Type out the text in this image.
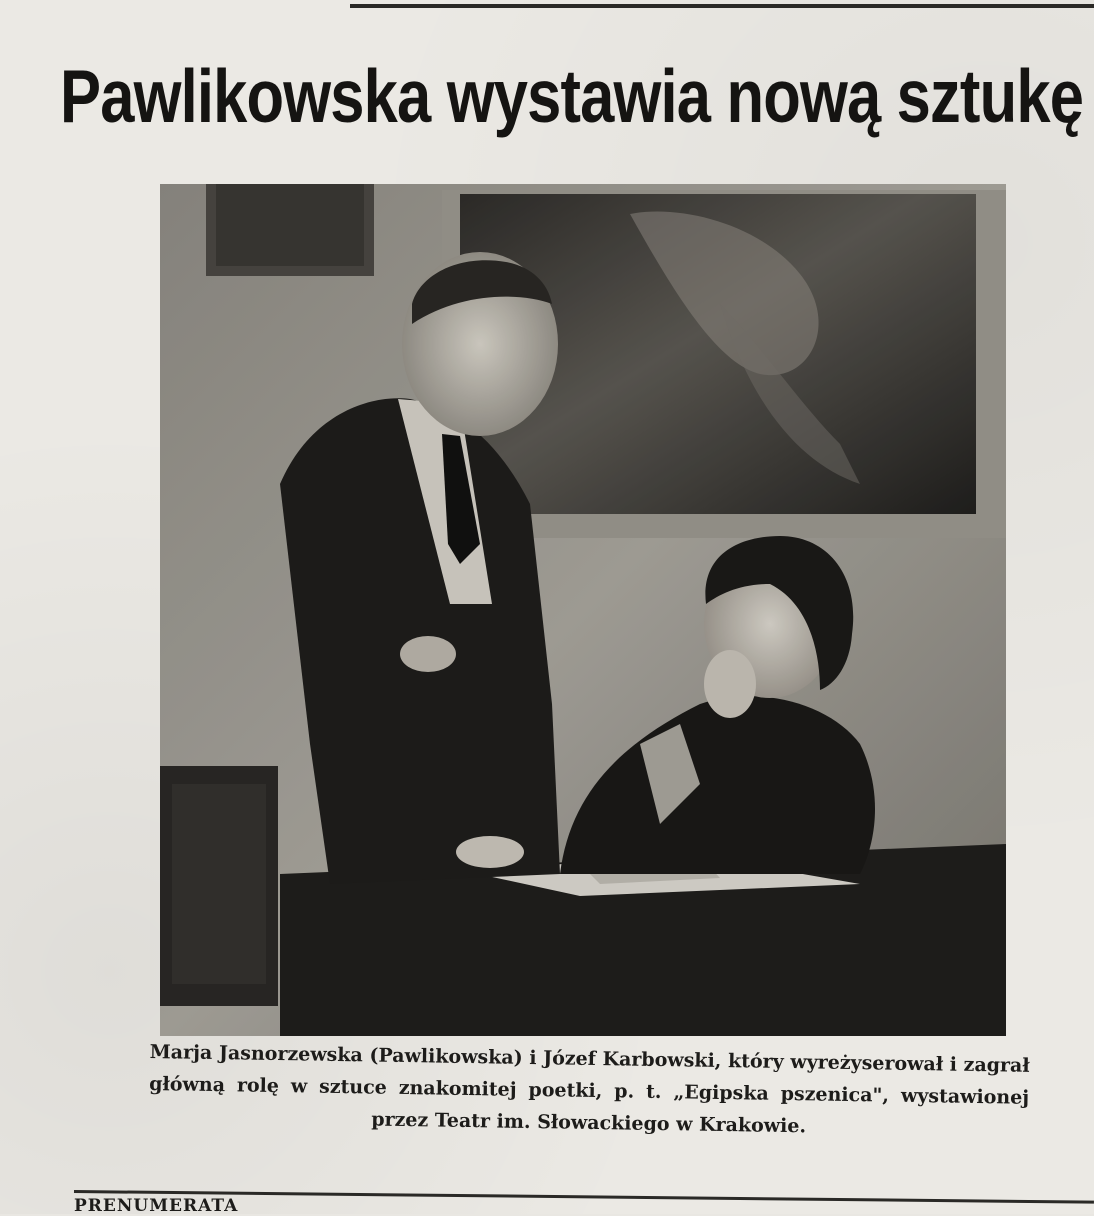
Pawlikowska wystawia nową sztukę

Marja Jasnorzewska (Pawlikowska) i Józef Karbowski, który wyreżyserował i zagrał główną rolę w sztuce znakomitej poetki, p. t. „Egipska pszenica", wystawionej przez Teatr im. Słowackiego w Krakowie.

PRENUMERATA
